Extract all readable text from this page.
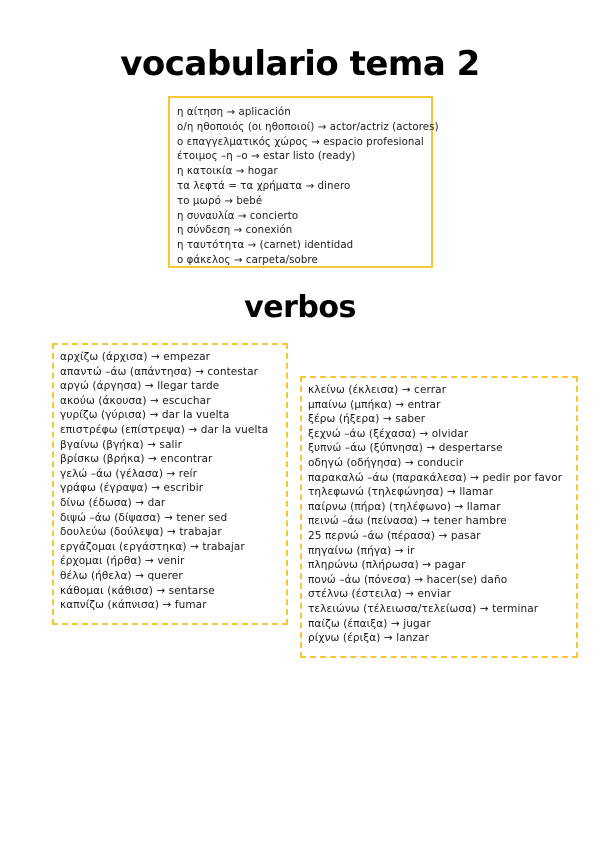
vocabulario tema 2
η αίτηση → aplicación
ο/η ηθοποιός (οι ηθοποιοί) → actor/actriz (actores)
ο επαγγελματικός χώρος → espacio profesional
έτοιμος –η –ο → estar listo (ready)
η κατοικία → hogar
τα λεφτά = τα χρήματα → dinero
το μωρό → bebé
η συναυλία → concierto
η σύνδεση → conexión
η ταυτότητα → (carnet) identidad
ο φάκελος → carpeta/sobre
verbos
αρχίζω (άρχισα) → empezar
απαντώ –άω (απάντησα) → contestar
αργώ (άργησα) → llegar tarde
ακούω (άκουσα) → escuchar
γυρίζω (γύρισα) → dar la vuelta
επιστρέφω (επίστρεψα) → dar la vuelta
βγαίνω (βγήκα) → salir
βρίσκω (βρήκα) → encontrar
γελώ –άω (γέλασα) → reír
γράφω (έγραψα) → escribir
δίνω (έδωσα) → dar
διψώ –άω (δίψασα) → tener sed
δουλεύω (δούλεψα) → trabajar
εργάζομαι (εργάστηκα) → trabajar
έρχομαι (ήρθα) → venir
θέλω (ήθελα) → querer
κάθομαι (κάθισα) → sentarse
καπνίζω (κάπνισα) → fumar
κλείνω (έκλεισα) → cerrar
μπαίνω (μπήκα) → entrar
ξέρω (ήξερα) → saber
ξεχνώ –άω (ξέχασα) → olvidar
ξυπνώ –άω (ξύπνησα) → despertarse
οδηγώ (οδήγησα) → conducir
παρακαλώ –άω (παρακάλεσα) → pedir por favor
τηλεφωνώ (τηλεφώνησα) → llamar
παίρνω (πήρα) (τηλέφωνο) → llamar
πεινώ –άω (πείνασα) → tener hambre
25 περνώ –άω (πέρασα) → pasar
πηγαίνω (πήγα) → ir
πληρώνω (πλήρωσα) → pagar
πονώ –άω (πόνεσα) → hacer(se) daño
στέλνω (έστειλα) → enviar
τελειώνω (τέλειωσα/τελείωσα) → terminar
παίζω (έπαιξα) → jugar
ρίχνω (έριξα) → lanzar
